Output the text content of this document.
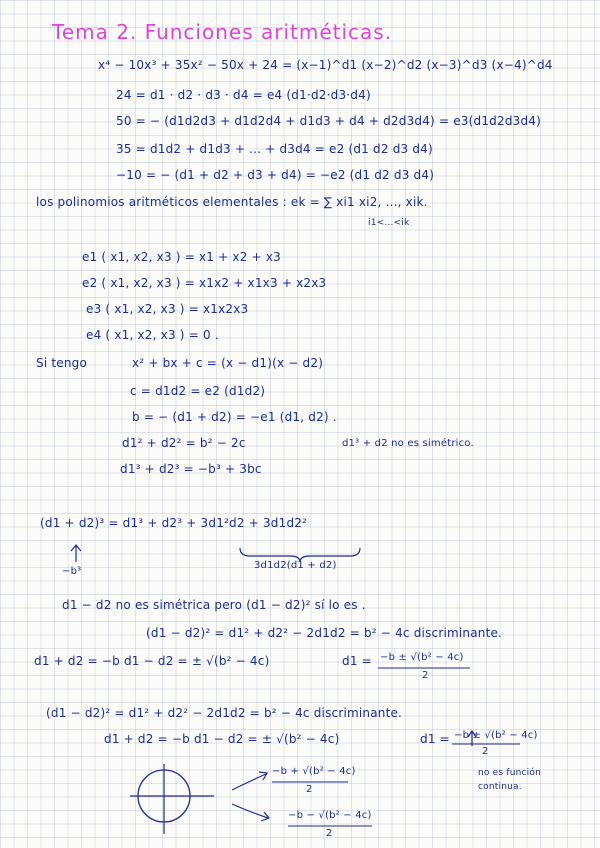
Tema 2. Funciones aritméticas.
x⁴ − 10x³ + 35x² − 50x + 24 = (x−1)^d1 (x−2)^d2 (x−3)^d3 (x−4)^d4
24 = d1 · d2 · d3 · d4 = e4 (d1·d2·d3·d4)
50 = − (d1d2d3 + d1d2d4 + d1d3 + d4 + d2d3d4) = e3(d1d2d3d4)
35 = d1d2 + d1d3 + ... + d3d4 = e2 (d1 d2 d3 d4)
−10 = − (d1 + d2 + d3 + d4) = −e2 (d1 d2 d3 d4)
los polinomios aritméticos elementales : ek = ∑ xi1 xi2, ..., xik.
i1<...<ik
e1 ( x1, x2, x3 ) = x1 + x2 + x3
e2 ( x1, x2, x3 ) = x1x2 + x1x3 + x2x3
e3 ( x1, x2, x3 ) = x1x2x3
e4 ( x1, x2, x3 ) = 0 .
Si tengo	x² + bx + c = (x − d1)(x − d2)
c = d1d2 = e2 (d1d2)
b = − (d1 + d2) = −e1 (d1, d2) .
d1² + d2² = b² − 2c	d1³ + d2 no es simétrico.
d1³ + d2³ = −b³ + 3bc
(d1 + d2)³ = d1³ + d2³ + 3d1²d2 + 3d1d2²
3d1d2(d1 + d2)
−b³
d1 − d2 no es simétrica pero (d1 − d2)² sí lo es .
(d1 − d2)² = d1² + d2² − 2d1d2 = b² − 4c discriminante.
d1 + d2 = −b d1 − d2 = ± √(b² − 4c)	d1 = −b ± √(b² − 4c)
2
(d1 − d2)² = d1² + d2² − 2d1d2 = b² − 4c discriminante.
d1 + d2 = −b d1 − d2 = ± √(b² − 4c)	d1 = −b ± √(b² − 4c)
2
no es función
continua.
−b + √(b² − 4c)
2
−b − √(b² − 4c)
2
